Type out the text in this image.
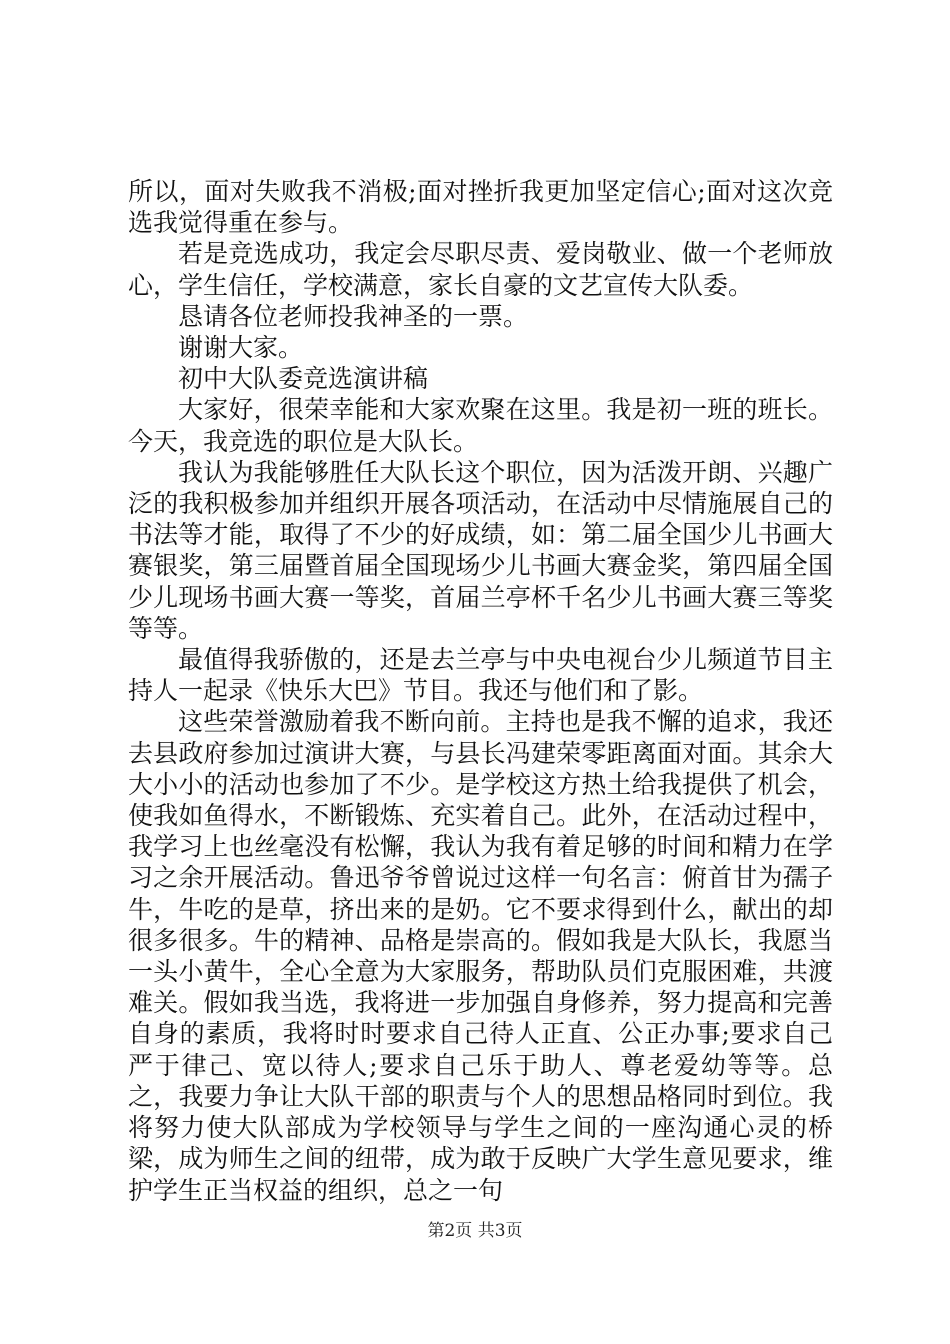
所以，面对失败我不消极;面对挫折我更加坚定信心;面对这次竞选我觉得重在参与。

若是竞选成功，我定会尽职尽责、爱岗敬业、做一个老师放心，学生信任，学校满意，家长自豪的文艺宣传大队委。

恳请各位老师投我神圣的一票。

谢谢大家。

初中大队委竞选演讲稿

大家好，很荣幸能和大家欢聚在这里。我是初一班的班长。今天，我竞选的职位是大队长。

我认为我能够胜任大队长这个职位，因为活泼开朗、兴趣广泛的我积极参加并组织开展各项活动，在活动中尽情施展自己的书法等才能，取得了不少的好成绩，如：第二届全国少儿书画大赛银奖，第三届暨首届全国现场少儿书画大赛金奖，第四届全国少儿现场书画大赛一等奖，首届兰亭杯千名少儿书画大赛三等奖等等。

最值得我骄傲的，还是去兰亭与中央电视台少儿频道节目主持人一起录《快乐大巴》节目。我还与他们和了影。

这些荣誉激励着我不断向前。主持也是我不懈的追求，我还去县政府参加过演讲大赛，与县长冯建荣零距离面对面。其余大大小小的活动也参加了不少。是学校这方热土给我提供了机会，使我如鱼得水，不断锻炼、充实着自己。此外，在活动过程中，我学习上也丝毫没有松懈，我认为我有着足够的时间和精力在学习之余开展活动。鲁迅爷爷曾说过这样一句名言：俯首甘为孺子牛，牛吃的是草，挤出来的是奶。它不要求得到什么，献出的却很多很多。牛的精神、品格是崇高的。假如我是大队长，我愿当一头小黄牛，全心全意为大家服务，帮助队员们克服困难，共渡难关。假如我当选，我将进一步加强自身修养，努力提高和完善自身的素质，我将时时要求自己待人正直、公正办事;要求自己严于律己、宽以待人;要求自己乐于助人、尊老爱幼等等。总之，我要力争让大队干部的职责与个人的思想品格同时到位。我将努力使大队部成为学校领导与学生之间的一座沟通心灵的桥梁，成为师生之间的纽带，成为敢于反映广大学生意见要求，维护学生正当权益的组织，总之一句

第2页 共3页
